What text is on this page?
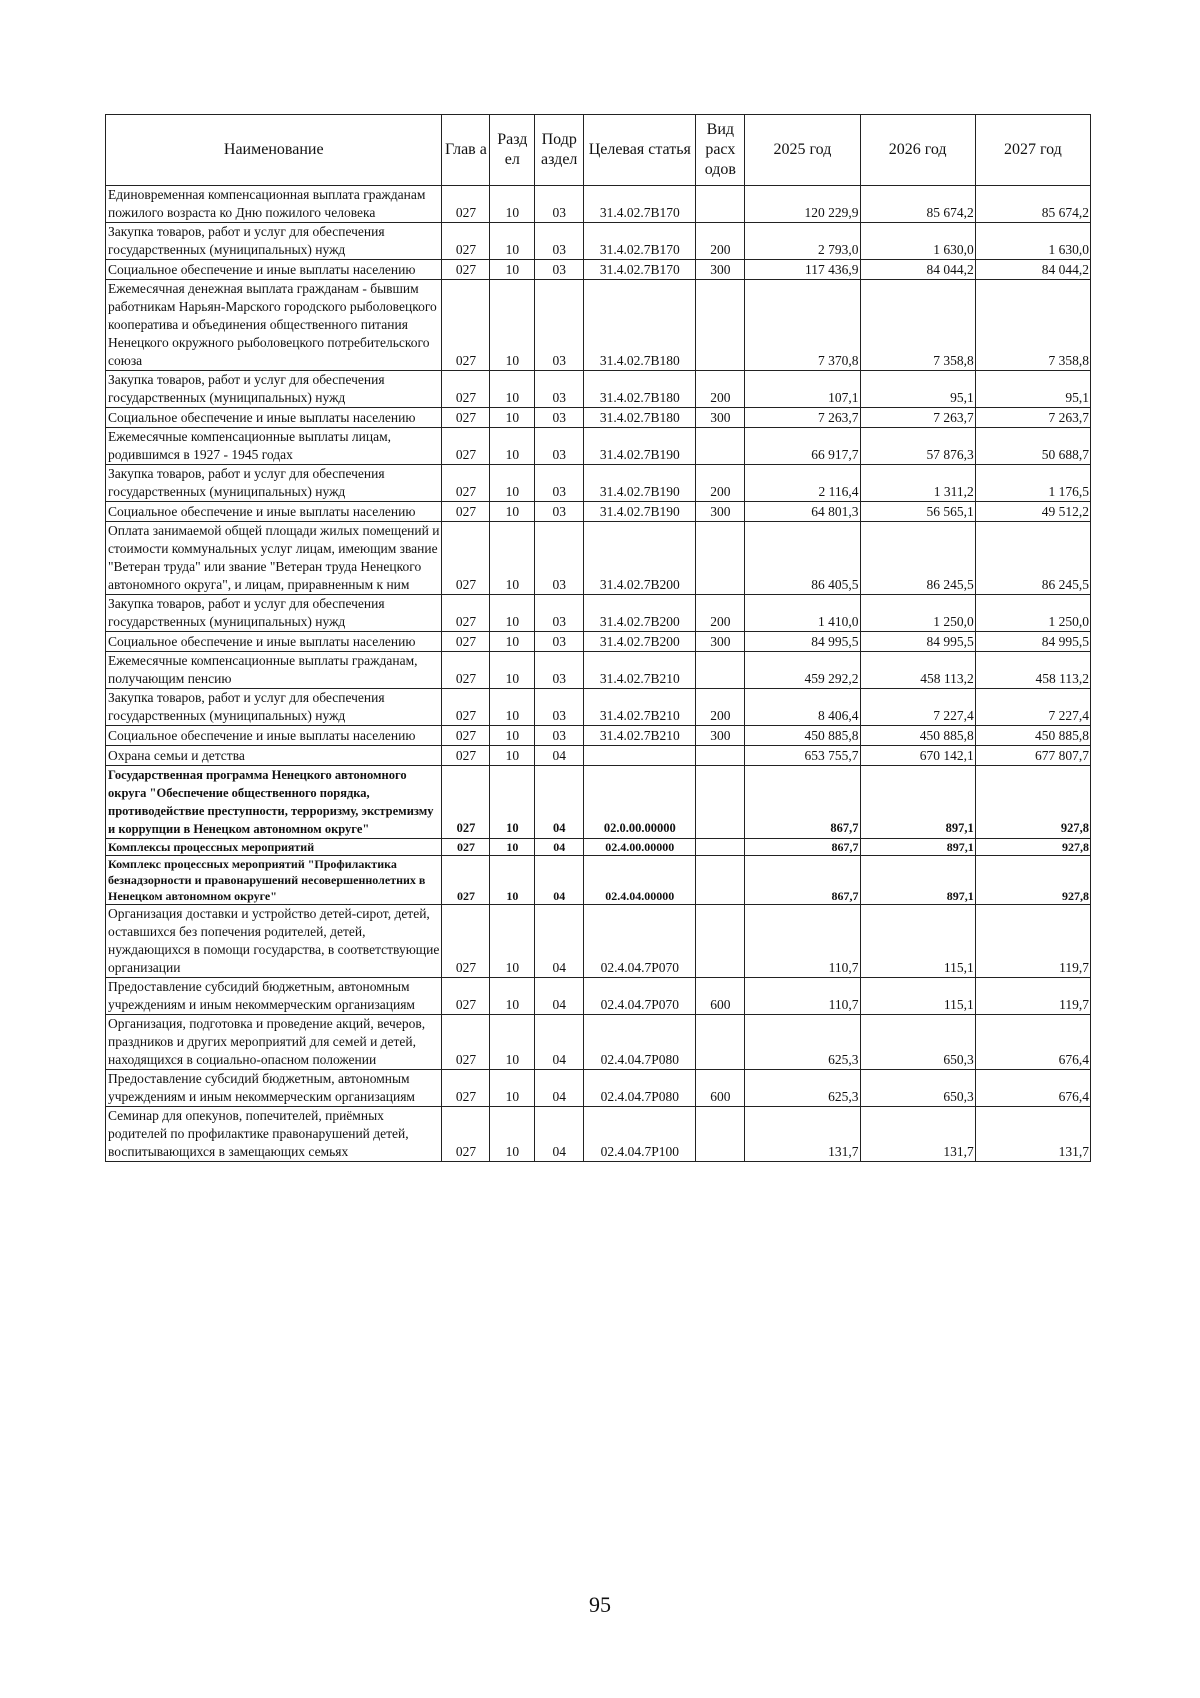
Наименование	Глав а	Разд ел	Подр аздел	Целевая статья	Вид расх одов	2025 год	2026 год	2027 год
Единовременная компенсационная выплата гражданам пожилого возраста ко Дню пожилого человека	027	10	03	31.4.02.7В170		120 229,9	85 674,2	85 674,2
Закупка товаров, работ и услуг для обеспечения государственных (муниципальных) нужд	027	10	03	31.4.02.7В170	200	2 793,0	1 630,0	1 630,0
Социальное обеспечение и иные выплаты населению	027	10	03	31.4.02.7В170	300	117 436,9	84 044,2	84 044,2
Ежемесячная денежная выплата гражданам - бывшим работникам Нарьян-Марского городского рыболовецкого кооператива и объединения общественного питания Ненецкого окружного рыболовецкого потребительского союза	027	10	03	31.4.02.7В180		7 370,8	7 358,8	7 358,8
Закупка товаров, работ и услуг для обеспечения государственных (муниципальных) нужд	027	10	03	31.4.02.7В180	200	107,1	95,1	95,1
Социальное обеспечение и иные выплаты населению	027	10	03	31.4.02.7В180	300	7 263,7	7 263,7	7 263,7
Ежемесячные компенсационные выплаты лицам, родившимся в 1927 - 1945 годах	027	10	03	31.4.02.7В190		66 917,7	57 876,3	50 688,7
Закупка товаров, работ и услуг для обеспечения государственных (муниципальных) нужд	027	10	03	31.4.02.7В190	200	2 116,4	1 311,2	1 176,5
Социальное обеспечение и иные выплаты населению	027	10	03	31.4.02.7В190	300	64 801,3	56 565,1	49 512,2
Оплата занимаемой общей площади жилых помещений и стоимости коммунальных услуг лицам, имеющим звание "Ветеран труда" или звание "Ветеран труда Ненецкого автономного округа", и лицам, приравненным к ним	027	10	03	31.4.02.7В200		86 405,5	86 245,5	86 245,5
Закупка товаров, работ и услуг для обеспечения государственных (муниципальных) нужд	027	10	03	31.4.02.7В200	200	1 410,0	1 250,0	1 250,0
Социальное обеспечение и иные выплаты населению	027	10	03	31.4.02.7В200	300	84 995,5	84 995,5	84 995,5
Ежемесячные компенсационные выплаты гражданам, получающим пенсию	027	10	03	31.4.02.7В210		459 292,2	458 113,2	458 113,2
Закупка товаров, работ и услуг для обеспечения государственных (муниципальных) нужд	027	10	03	31.4.02.7В210	200	8 406,4	7 227,4	7 227,4
Социальное обеспечение и иные выплаты населению	027	10	03	31.4.02.7В210	300	450 885,8	450 885,8	450 885,8
Охрана семьи и детства	027	10	04			653 755,7	670 142,1	677 807,7
Государственная программа Ненецкого автономного округа "Обеспечение общественного порядка, противодействие преступности, терроризму, экстремизму и коррупции в Ненецком автономном округе"	027	10	04	02.0.00.00000		867,7	897,1	927,8
Комплексы процессных мероприятий	027	10	04	02.4.00.00000		867,7	897,1	927,8
Комплекс процессных мероприятий "Профилактика безнадзорности и правонарушений несовершеннолетних в Ненецком автономном округе"	027	10	04	02.4.04.00000		867,7	897,1	927,8
Организация доставки и устройство детей-сирот, детей, оставшихся без попечения родителей, детей, нуждающихся в помощи государства, в соответствующие организации	027	10	04	02.4.04.7Р070		110,7	115,1	119,7
Предоставление субсидий бюджетным, автономным учреждениям и иным некоммерческим организациям	027	10	04	02.4.04.7Р070	600	110,7	115,1	119,7
Организация, подготовка и проведение акций, вечеров, праздников и других мероприятий для семей и детей, находящихся в социально-опасном положении	027	10	04	02.4.04.7Р080		625,3	650,3	676,4
Предоставление субсидий бюджетным, автономным учреждениям и иным некоммерческим организациям	027	10	04	02.4.04.7Р080	600	625,3	650,3	676,4
Семинар для опекунов, попечителей, приёмных родителей по профилактике правонарушений детей, воспитывающихся в замещающих семьях	027	10	04	02.4.04.7Р100		131,7	131,7	131,7
95
